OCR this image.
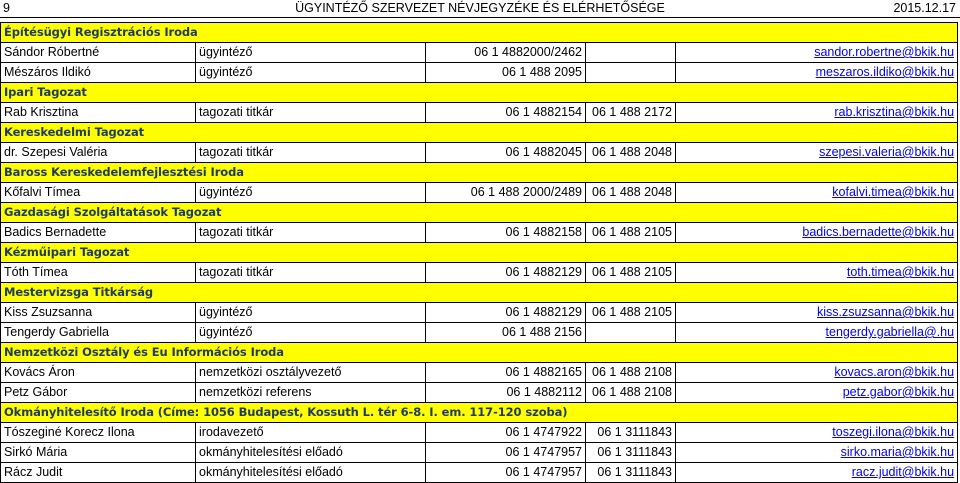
9	ÜGYINTÉZŐ SZERVEZET NÉVJEGYZÉKE ÉS ELÉRHETŐSÉGE	2015.12.17
Építésügyi Regisztrációs Iroda				
Sándor Róbertné	ügyintéző	06 1 4882000/2462		sandor.robertne@bkik.hu
Mészáros Ildikó	ügyintéző	06 1 488 2095		meszaros.ildiko@bkik.hu
Ipari Tagozat				
Rab Krisztina	tagozati titkár	06 1 4882154	06 1 488 2172	rab.krisztina@bkik.hu
Kereskedelmi Tagozat				
dr. Szepesi Valéria	tagozati titkár	06 1 4882045	06 1 488 2048	szepesi.valeria@bkik.hu
Baross Kereskedelemfejlesztési Iroda				
Kőfalvi Tímea	ügyintéző	06 1 488 2000/2489	06 1 488 2048	kofalvi.timea@bkik.hu
Gazdasági Szolgáltatások Tagozat				
Badics Bernadette	tagozati titkár	06 1 4882158	06 1 488 2105	badics.bernadette@bkik.hu
Kézműipari Tagozat				
Tóth Tímea	tagozati titkár	06 1 4882129	06 1 488 2105	toth.timea@bkik.hu
Mestervizsga Titkárság				
Kiss Zsuzsanna	ügyintéző	06 1 4882129	06 1 488 2105	kiss.zsuzsanna@bkik.hu
Tengerdy Gabriella	ügyintéző	06 1 488 2156		tengerdy.gabriella@.hu
Nemzetközi Osztály és Eu Információs Iroda				
Kovács Áron	nemzetközi osztályvezető	06 1 4882165	06 1 488 2108	kovacs.aron@bkik.hu
Petz Gábor	nemzetközi referens	06 1 4882112	06 1 488 2108	petz.gabor@bkik.hu
Okmányhitelesítő Iroda (Címe: 1056 Budapest, Kossuth L. tér 6-8. I. em. 117-120 szoba)				
Tószeginé Korecz Ilona	irodavezető	06 1 4747922	06 1 3111843	toszegi.ilona@bkik.hu
Sirkó Mária	okmányhitelesítési előadó	06 1 4747957	06 1 3111843	sirko.maria@bkik.hu
Rácz Judit	okmányhitelesítési előadó	06 1 4747957	06 1 3111843	racz.judit@bkik.hu
